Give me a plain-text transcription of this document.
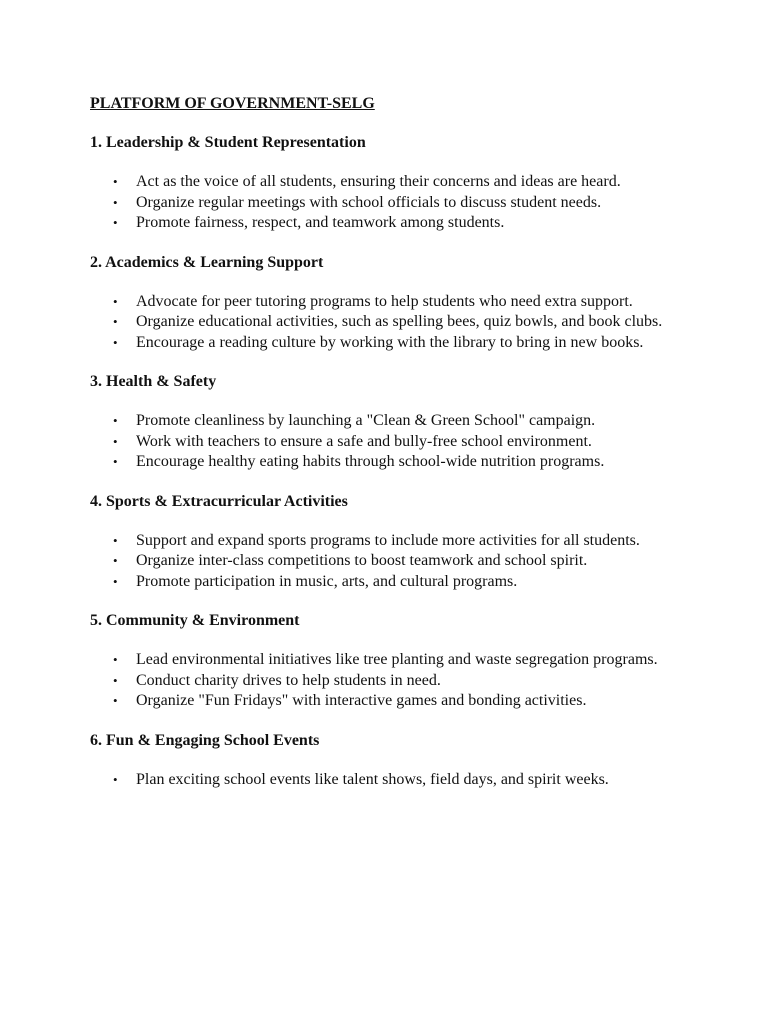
PLATFORM OF GOVERNMENT-SELG
1. Leadership & Student Representation
• Act as the voice of all students, ensuring their concerns and ideas are heard.
• Organize regular meetings with school officials to discuss student needs.
• Promote fairness, respect, and teamwork among students.
2. Academics & Learning Support
• Advocate for peer tutoring programs to help students who need extra support.
• Organize educational activities, such as spelling bees, quiz bowls, and book clubs.
• Encourage a reading culture by working with the library to bring in new books.
3. Health & Safety
• Promote cleanliness by launching a "Clean & Green School" campaign.
• Work with teachers to ensure a safe and bully-free school environment.
• Encourage healthy eating habits through school-wide nutrition programs.
4. Sports & Extracurricular Activities
• Support and expand sports programs to include more activities for all students.
• Organize inter-class competitions to boost teamwork and school spirit.
• Promote participation in music, arts, and cultural programs.
5. Community & Environment
• Lead environmental initiatives like tree planting and waste segregation programs.
• Conduct charity drives to help students in need.
• Organize "Fun Fridays" with interactive games and bonding activities.
6. Fun & Engaging School Events
• Plan exciting school events like talent shows, field days, and spirit weeks.
